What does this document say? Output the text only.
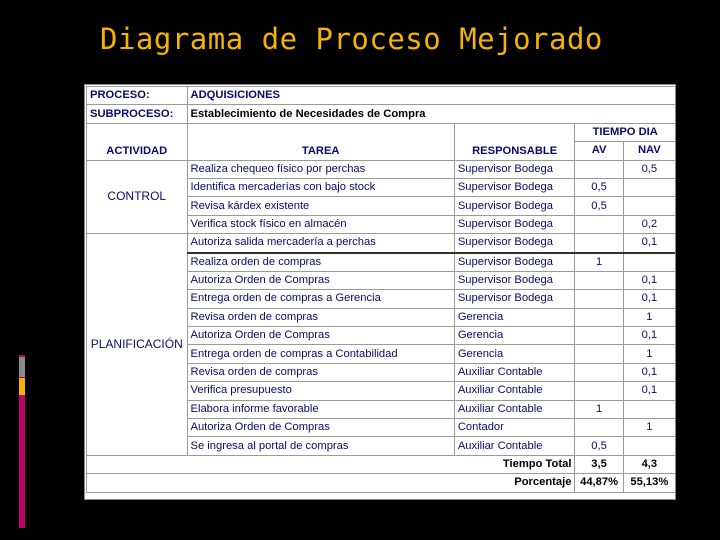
Diagrama de Proceso Mejorado
PROCESO:	ADQUISICIONES			
SUBPROCESO:	Establecimiento de Necesidades de Compra			
ACTIVIDAD	TAREA	RESPONSABLE	TIEMPO DIA	
			AV	NAV
CONTROL	Realiza chequeo físico por perchas	Supervisor Bodega		0,5
	Identifica mercaderías con bajo stock	Supervisor Bodega	0,5	
	Revisa kárdex existente	Supervisor Bodega	0,5	
	Verifica stock físico en almacén	Supervisor Bodega		0,2
PLANIFICACIÓN	Autoriza salida mercadería a perchas	Supervisor Bodega		0,1
	Realiza orden de compras	Supervisor Bodega	1	
	Autoriza Orden de Compras	Supervisor Bodega		0,1
	Entrega orden de compras a Gerencia	Supervisor Bodega		0,1
	Revisa orden de compras	Gerencia		1
	Autoriza Orden de Compras	Gerencia		0,1
	Entrega orden de compras a Contabilidad	Gerencia		1
	Revisa orden de compras	Auxiliar Contable		0,1
	Verifica presupuesto	Auxiliar Contable		0,1
	Elabora informe favorable	Auxiliar Contable	1	
	Autoriza Orden de Compras	Contador		1
	Se ingresa al portal de compras	Auxiliar Contable	0,5	
Tiempo Total			3,5	4,3
Porcentaje			44,87%	55,13%
